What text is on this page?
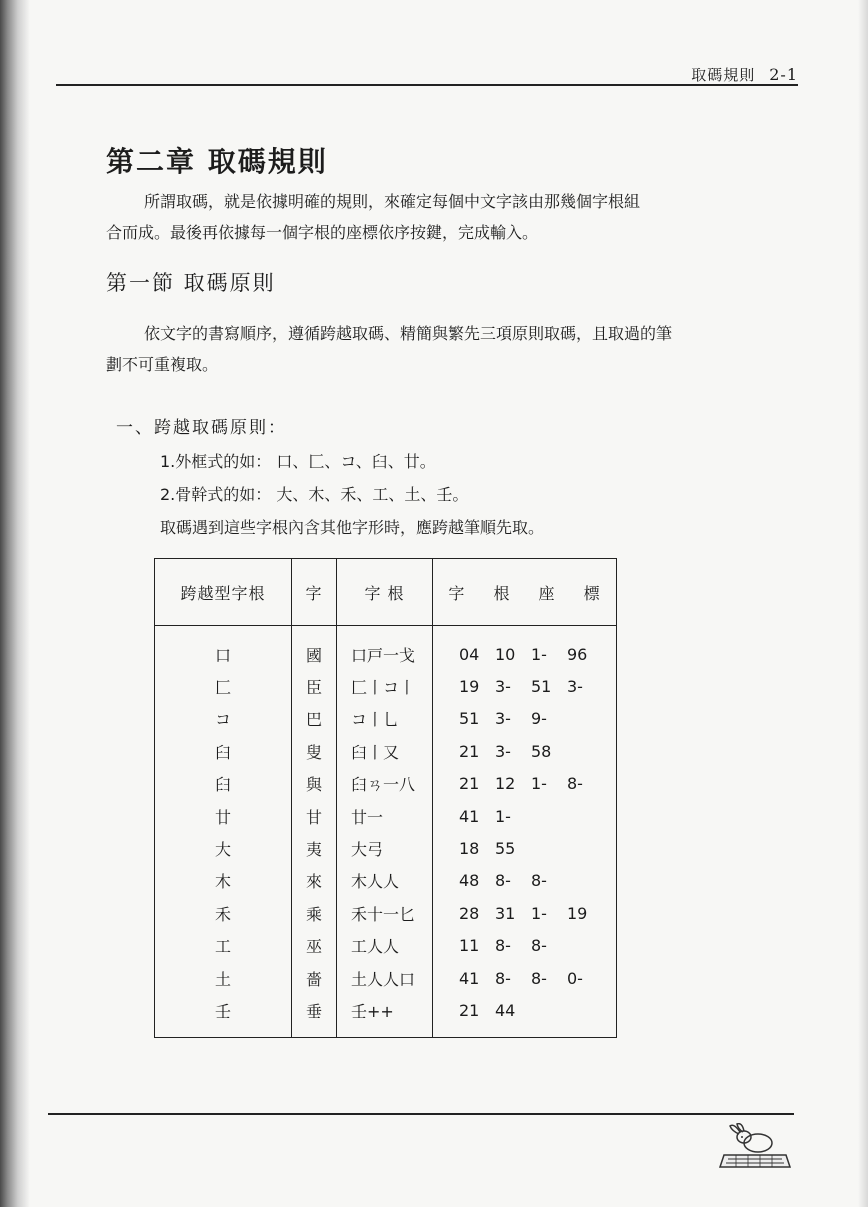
取碼規則 2-1
第二章 取碼規則
所謂取碼，就是依據明確的規則，來確定每個中文字該由那幾個字根組
合而成。最後再依據每一個字根的座標依序按鍵，完成輸入。
第一節 取碼原則
依文字的書寫順序，遵循跨越取碼、精簡與繁先三項原則取碼，且取過的筆
劃不可重複取。
一、跨越取碼原則：
1.外框式的如： 口、匚、コ、臼、廿。
2.骨幹式的如： 大、木、禾、工、土、壬。
取碼遇到這些字根內含其他字形時，應跨越筆順先取。
跨越型字根	字	字 根	字 根 座 標
口	國	口戸一戈	04 10 1- 96
匚	臣	匚丨コ丨	19 3- 51 3-
コ	巴	コ丨乚	51 3- 9-
臼	叟	臼丨又	21 3- 58
𦥑	與	𦥑ㄢ一八	21 12 1- 8-
廿	甘	廿一	41 1-
大	夷	大弓	18 55
木	來	木人人	48 8- 8-
禾	乘	禾十一匕	28 31 1- 19
工	巫	工人人	11 8- 8-
土	嗇	土人人口	41 8- 8- 0-
壬	垂	壬++	21 44
